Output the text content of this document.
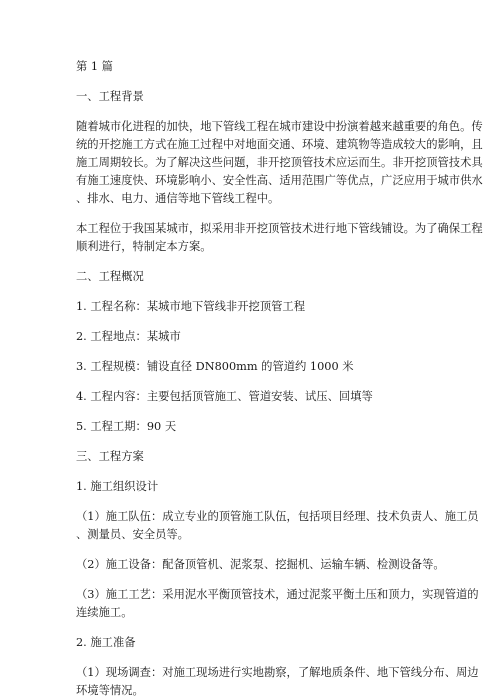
第 1 篇

一、工程背景

随着城市化进程的加快，地下管线工程在城市建设中扮演着越来越重要的角色。传

统的开挖施工方式在施工过程中对地面交通、环境、建筑物等造成较大的影响，且

施工周期较长。为了解决这些问题，非开挖顶管技术应运而生。非开挖顶管技术具

有施工速度快、环境影响小、安全性高、适用范围广等优点，广泛应用于城市供水

、排水、电力、通信等地下管线工程中。

本工程位于我国某城市，拟采用非开挖顶管技术进行地下管线铺设。为了确保工程

顺利进行，特制定本方案。

二、工程概况

1. 工程名称：某城市地下管线非开挖顶管工程

2. 工程地点：某城市

3. 工程规模：铺设直径 DN800mm 的管道约 1000 米

4. 工程内容：主要包括顶管施工、管道安装、试压、回填等

5. 工程工期：90 天

三、工程方案

1. 施工组织设计

（1）施工队伍：成立专业的顶管施工队伍，包括项目经理、技术负责人、施工员

、测量员、安全员等。

（2）施工设备：配备顶管机、泥浆泵、挖掘机、运输车辆、检测设备等。

（3）施工工艺：采用泥水平衡顶管技术，通过泥浆平衡土压和顶力，实现管道的

连续施工。

2. 施工准备

（1）现场调查：对施工现场进行实地勘察，了解地质条件、地下管线分布、周边

环境等情况。
